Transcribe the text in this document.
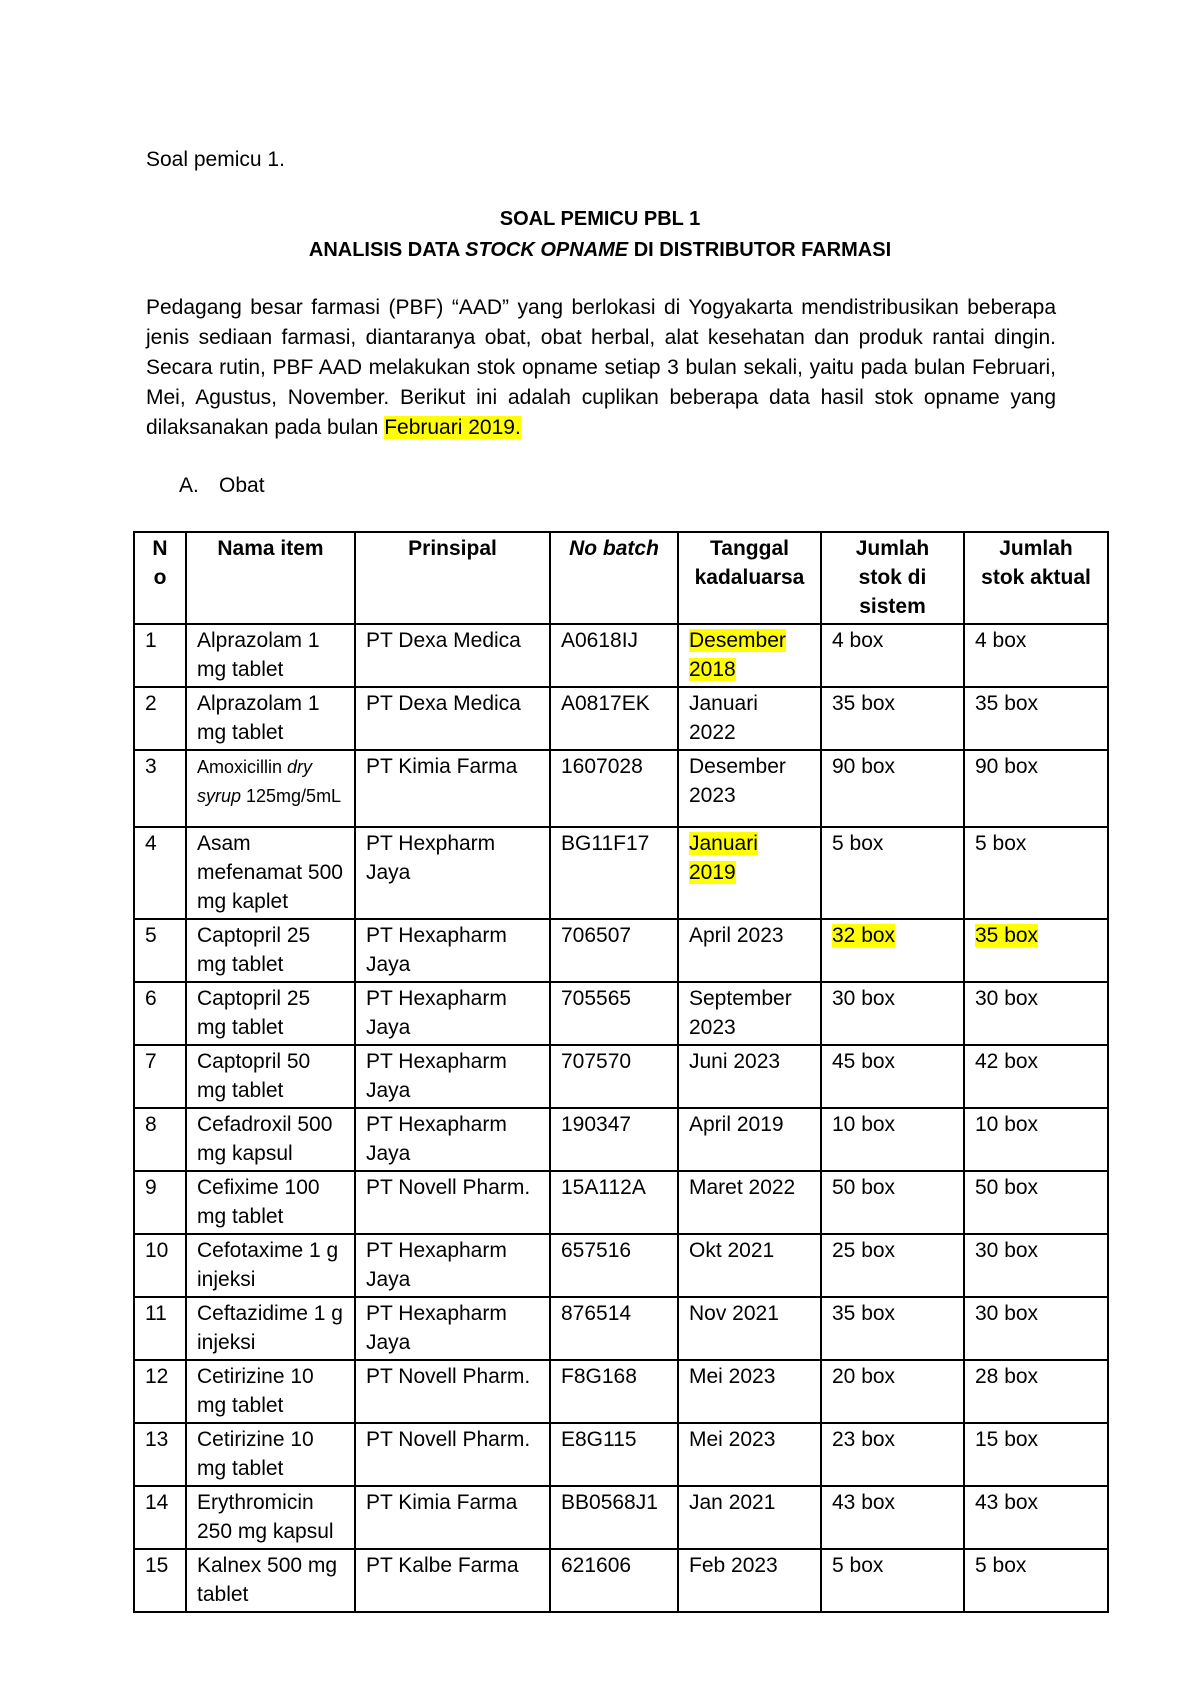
Soal pemicu 1.
SOAL PEMICU PBL 1
ANALISIS DATA STOCK OPNAME DI DISTRIBUTOR FARMASI

Pedagang besar farmasi (PBF) “AAD” yang berlokasi di Yogyakarta mendistribusikan beberapa jenis sediaan farmasi, diantaranya obat, obat herbal, alat kesehatan dan produk rantai dingin. Secara rutin, PBF AAD melakukan stok opname setiap 3 bulan sekali, yaitu pada bulan Februari, Mei, Agustus, November. Berikut ini adalah cuplikan beberapa data hasil stok opname yang dilaksanakan pada bulan Februari 2019.

A. Obat
N
o	Nama item	Prinsipal	No batch	Tanggal kadaluarsa	Jumlah stok di sistem	Jumlah stok aktual
1	Alprazolam 1 mg tablet	PT Dexa Medica	A0618IJ	Desember 2018	4 box	4 box
2	Alprazolam 1 mg tablet	PT Dexa Medica	A0817EK	Januari 2022	35 box	35 box
3	Amoxicillin dry syrup 125mg/5mL	PT Kimia Farma	1607028	Desember 2023	90 box	90 box
4	Asam mefenamat 500 mg kaplet	PT Hexpharm Jaya	BG11F17	Januari 2019	5 box	5 box
5	Captopril 25 mg tablet	PT Hexapharm Jaya	706507	April 2023	32 box	35 box
6	Captopril 25 mg tablet	PT Hexapharm Jaya	705565	September 2023	30 box	30 box
7	Captopril 50 mg tablet	PT Hexapharm Jaya	707570	Juni 2023	45 box	42 box
8	Cefadroxil 500 mg kapsul	PT Hexapharm Jaya	190347	April 2019	10 box	10 box
9	Cefixime 100 mg tablet	PT Novell Pharm.	15A112A	Maret 2022	50 box	50 box
10	Cefotaxime 1 g injeksi	PT Hexapharm Jaya	657516	Okt 2021	25 box	30 box
11	Ceftazidime 1 g injeksi	PT Hexapharm Jaya	876514	Nov 2021	35 box	30 box
12	Cetirizine 10 mg tablet	PT Novell Pharm.	F8G168	Mei 2023	20 box	28 box
13	Cetirizine 10 mg tablet	PT Novell Pharm.	E8G115	Mei 2023	23 box	15 box
14	Erythromicin 250 mg kapsul	PT Kimia Farma	BB0568J1	Jan 2021	43 box	43 box
15	Kalnex 500 mg tablet	PT Kalbe Farma	621606	Feb 2023	5 box	5 box
